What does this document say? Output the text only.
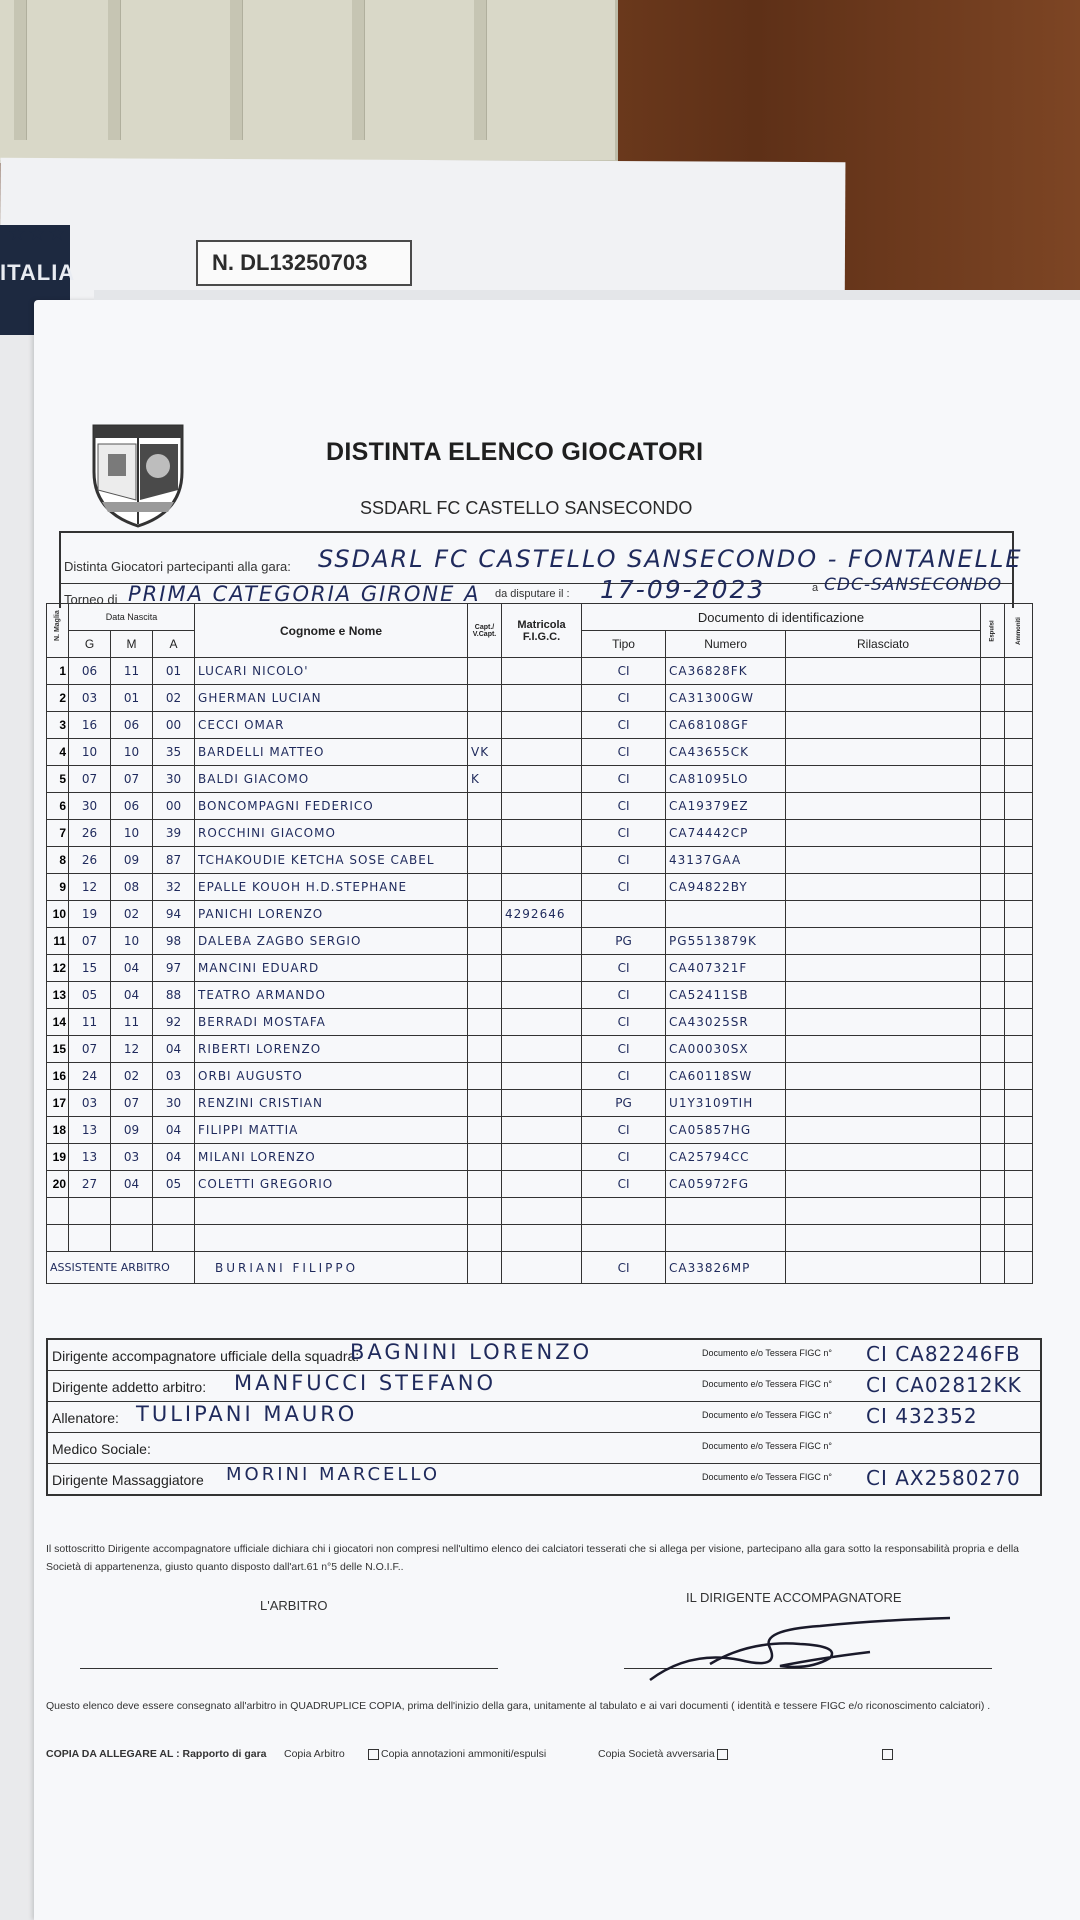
★★★
ITALIA	N. DL13250703
DISTINTA ELENCO GIOCATORI
SSDARL FC CASTELLO SANSECONDO
Distinta Giocatori partecipanti alla gara: SSDARL FC CASTELLO SANSECONDO - FONTANELLE
Torneo di PRIMA CATEGORIA GIRONE A da disputare il : 17-09-2023	a CDC-SANSECONDO
N. Maglia	Data Nascita			Cognome e Nome	Capt./ V.Capt.	Matricola F.I.G.C.	Documento di identificazione			Espulsi	Ammoniti
	G	M	A				Tipo	Numero	Rilasciato		
1	06	11	01	LUCARI NICOLO'			CI	CA36828FK			
2	03	01	02	GHERMAN LUCIAN			CI	CA31300GW			
3	16	06	00	CECCI OMAR			CI	CA68108GF			
4	10	10	35	BARDELLI MATTEO	VK		CI	CA43655CK			
5	07	07	30	BALDI GIACOMO	K		CI	CA81095LO			
6	30	06	00	BONCOMPAGNI FEDERICO			CI	CA19379EZ			
7	26	10	39	ROCCHINI GIACOMO			CI	CA74442CP			
8	26	09	87	TCHAKOUDIE KETCHA SOSE CABEL			CI	43137GAA			
9	12	08	32	EPALLE KOUOH H.D.STEPHANE			CI	CA94822BY			
10	19	02	94	PANICHI LORENZO		4292646					
11	07	10	98	DALEBA ZAGBO SERGIO			PG	PG5513879K			
12	15	04	97	MANCINI EDUARD			CI	CA407321F			
13	05	04	88	TEATRO ARMANDO			CI	CA52411SB			
14	11	11	92	BERRADI MOSTAFA			CI	CA43025SR			
15	07	12	04	RIBERTI LORENZO			CI	CA00030SX			
16	24	02	03	ORBI AUGUSTO			CI	CA60118SW			
17	03	07	30	RENZINI CRISTIAN			PG	U1Y3109TIH			
18	13	09	04	FILIPPI MATTIA			CI	CA05857HG			
19	13	03	04	MILANI LORENZO			CI	CA25794CC			
20	27	04	05	COLETTI GREGORIO			CI	CA05972FG			

ASSISTENTE ARBITRO				BURIANI FILIPPO			CI	CA33826MP			
Dirigente accompagnatore ufficiale della squadra:
BAGNINI LORENZO	Documento e/o Tessera FIGC n° CI CA82246FB
Dirigente addetto arbitro: MANFUCCI STEFANO	Documento e/o Tessera FIGC n° CI CA02812KK
Allenatore: TULIPANI MAURO	Documento e/o Tessera FIGC n° CI 432352
Medico Sociale:	Documento e/o Tessera FIGC n°
Dirigente Massaggiatore MORINI MARCELLO	Documento e/o Tessera FIGC n° CI AX2580270
Il sottoscritto Dirigente accompagnatore ufficiale dichiara chi i giocatori non compresi nell'ultimo elenco dei calciatori tesserati che si allega per visione, partecipano alla gara sotto la responsabilità propria e della Società di appartenenza, giusto quanto disposto dall'art.61 n°5 delle N.O.I.F..
L'ARBITRO
IL DIRIGENTE ACCOMPAGNATORE
Questo elenco deve essere consegnato all'arbitro in QUADRUPLICE COPIA, prima dell'inizio della gara, unitamente al tabulato e ai vari documenti ( identità e tessere FIGC e/o riconoscimento calciatori) .
COPIA DA ALLEGARE AL : Rapporto di gara Copia Arbitro	Copia annotazioni ammoniti/espulsi	Copia Società avversaria
